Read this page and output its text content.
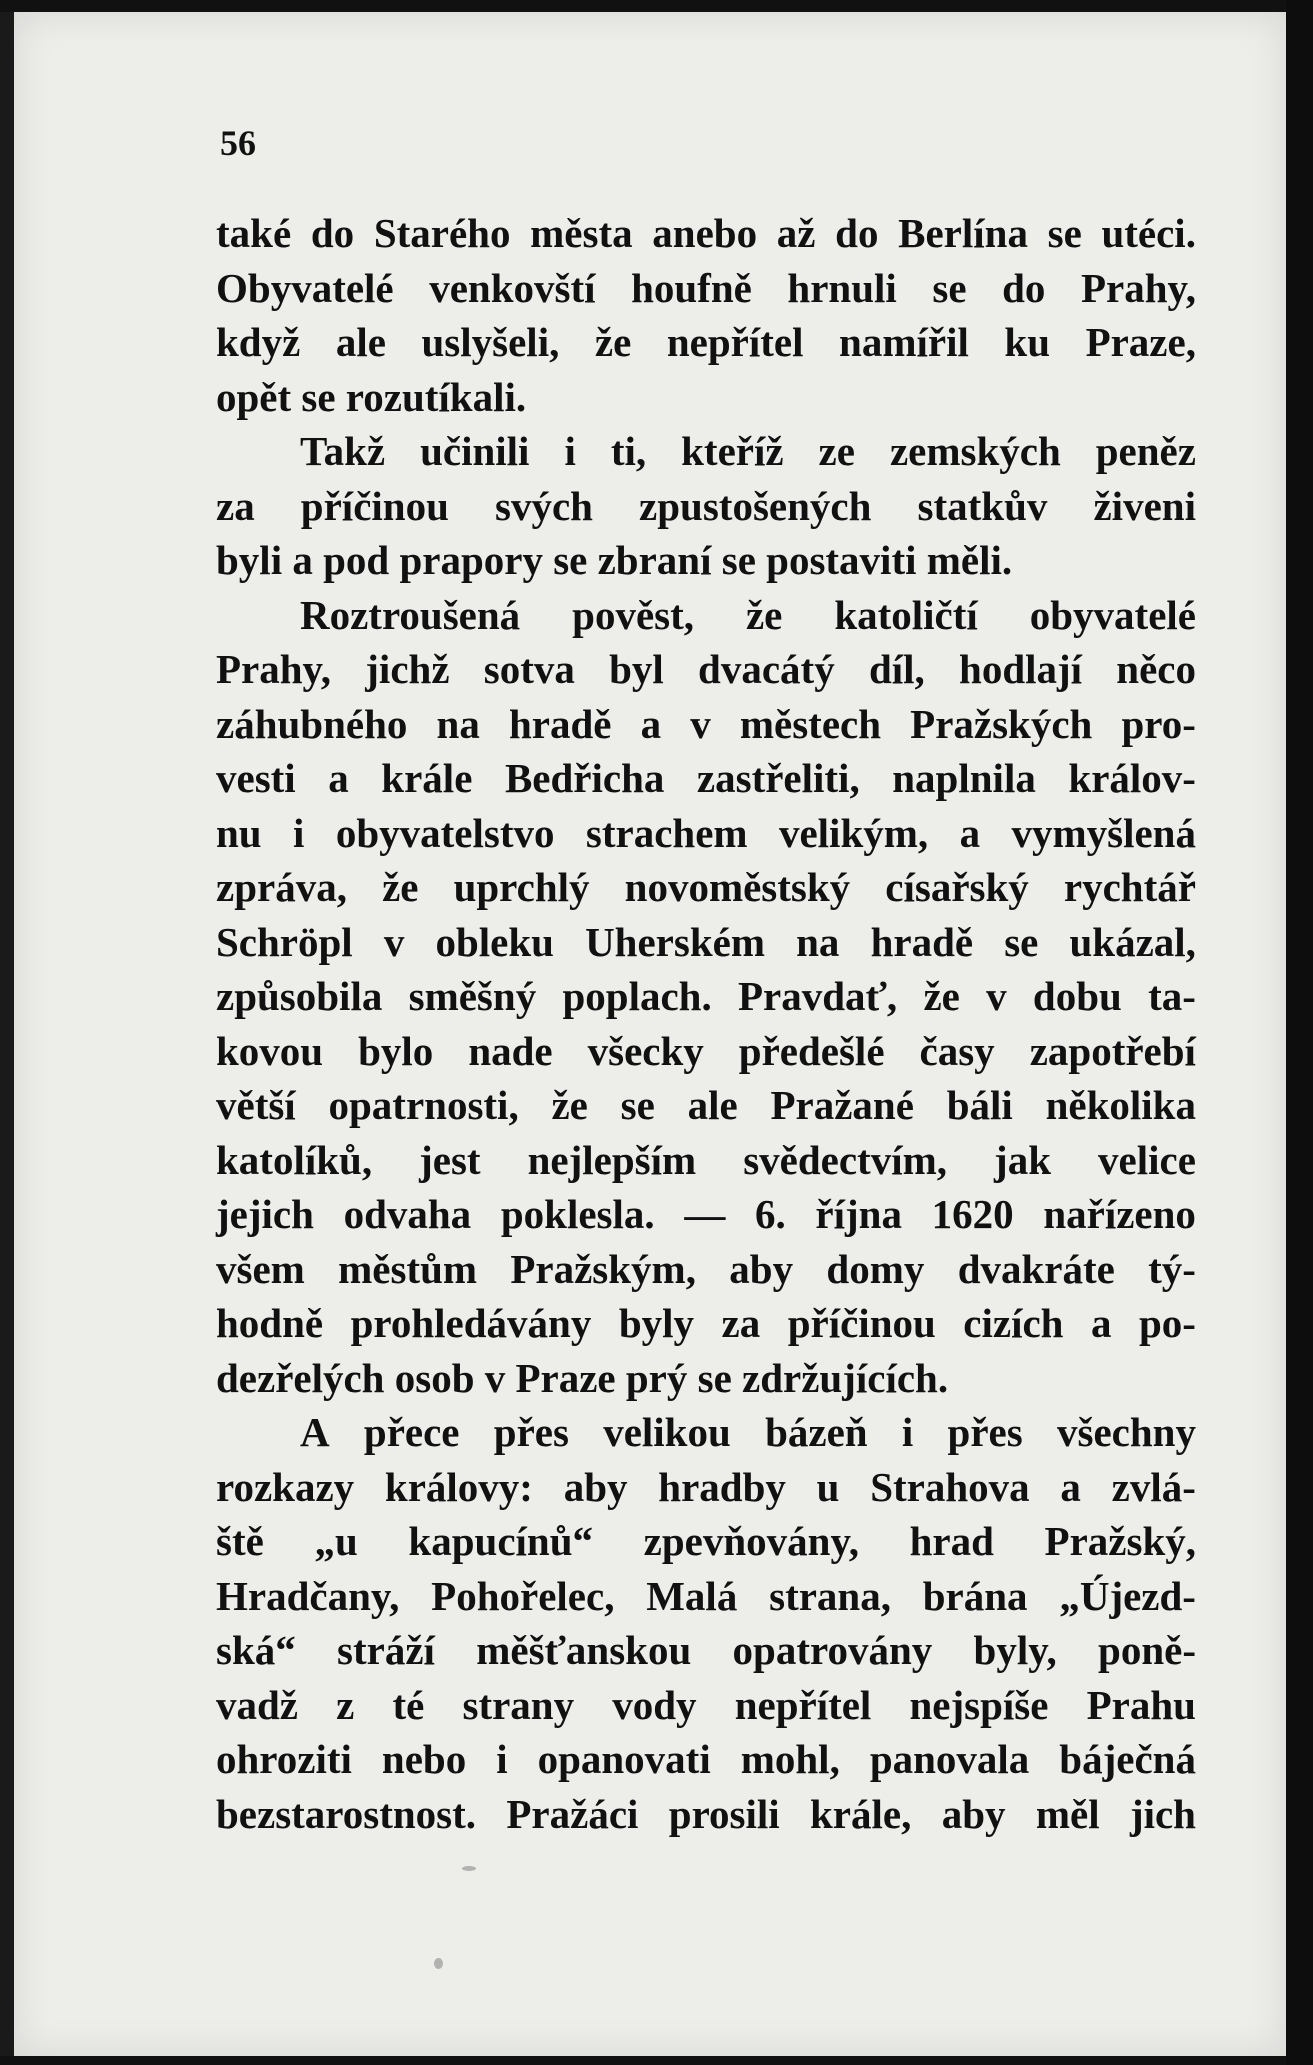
56
také do Starého města anebo až do Berlína se utéci.
Obyvatelé venkovští houfně hrnuli se do Prahy,
když ale uslyšeli, že nepřítel namířil ku Praze,
opět se rozutíkali.
Takž učinili i ti, kteříž ze zemských peněz
za příčinou svých zpustošených statkův živeni
byli a pod prapory se zbraní se postaviti měli.
Roztroušená pověst, že katoličtí obyvatelé
Prahy, jichž sotva byl dvacátý díl, hodlají něco
záhubného na hradě a v městech Pražských pro-
vesti a krále Bedřicha zastřeliti, naplnila králov-
nu i obyvatelstvo strachem velikým, a vymyšlená
zpráva, že uprchlý novoměstský císařský rychtář
Schröpl v obleku Uherském na hradě se ukázal,
způsobila směšný poplach. Pravdať, že v dobu ta-
kovou bylo nade všecky předešlé časy zapotřebí
větší opatrnosti, že se ale Pražané báli několika
katolíků, jest nejlepším svědectvím, jak velice
jejich odvaha poklesla. — 6. října 1620 nařízeno
všem městům Pražským, aby domy dvakráte tý-
hodně prohledávány byly za příčinou cizích a po-
dezřelých osob v Praze prý se zdržujících.
A přece přes velikou bázeň i přes všechny
rozkazy královy: aby hradby u Strahova a zvlá-
ště „u kapucínů“ zpevňovány, hrad Pražský,
Hradčany, Pohořelec, Malá strana, brána „Újezd-
ská“ stráží měšťanskou opatrovány byly, poně-
vadž z té strany vody nepřítel nejspíše Prahu
ohroziti nebo i opanovati mohl, panovala báječná
bezstarostnost. Pražáci prosili krále, aby měl jich
